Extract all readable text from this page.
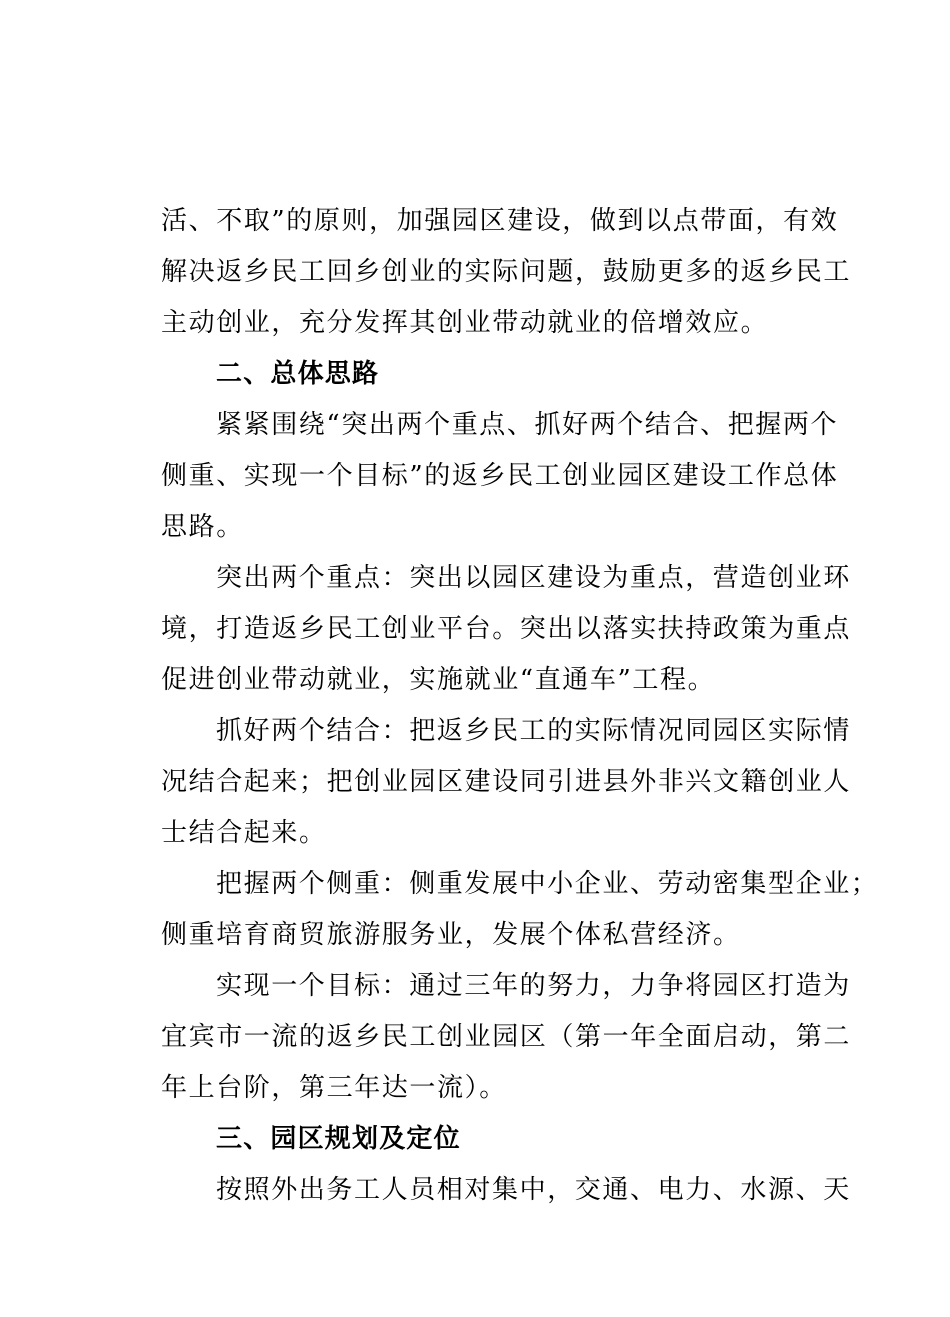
活、不取”的原则，加强园区建设，做到以点带面，有效
解决返乡民工回乡创业的实际问题，鼓励更多的返乡民工
主动创业，充分发挥其创业带动就业的倍增效应。
二、总体思路
紧紧围绕“突出两个重点、抓好两个结合、把握两个
侧重、实现一个目标”的返乡民工创业园区建设工作总体
思路。
突出两个重点：突出以园区建设为重点，营造创业环
境，打造返乡民工创业平台。突出以落实扶持政策为重点
促进创业带动就业，实施就业“直通车”工程。
抓好两个结合：把返乡民工的实际情况同园区实际情
况结合起来；把创业园区建设同引进县外非兴文籍创业人
士结合起来。
把握两个侧重：侧重发展中小企业、劳动密集型企业；
侧重培育商贸旅游服务业，发展个体私营经济。
实现一个目标：通过三年的努力，力争将园区打造为
宜宾市一流的返乡民工创业园区（第一年全面启动，第二
年上台阶，第三年达一流）。
三、园区规划及定位
按照外出务工人员相对集中，交通、电力、水源、天
